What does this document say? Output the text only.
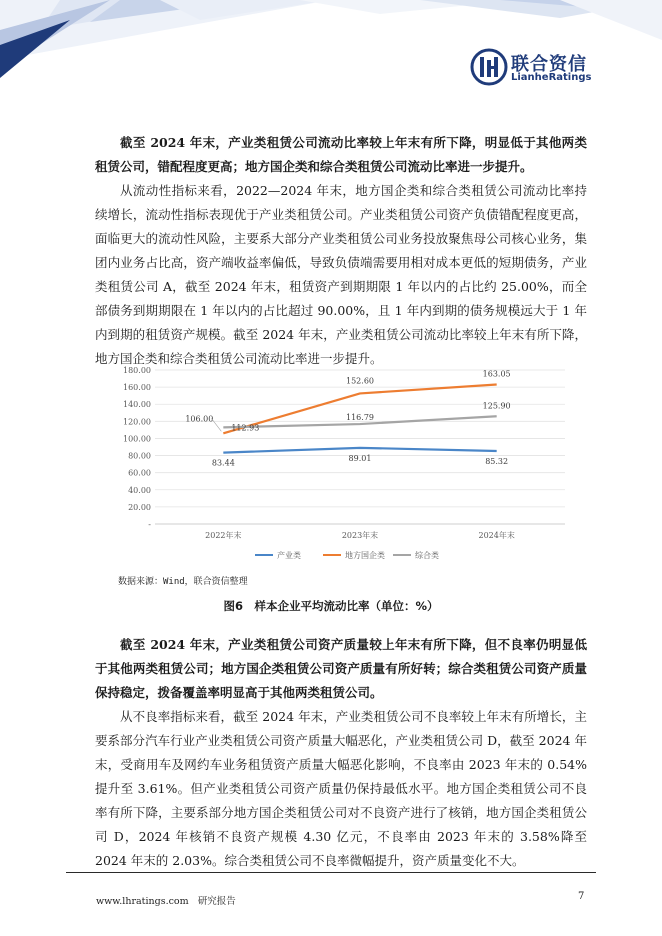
联合资信
LianheRatings

截至 2024 年末，产业类租赁公司流动比率较上年末有所下降，明显低于其他两类租赁公司，错配程度更高；地方国企类和综合类租赁公司流动比率进一步提升。

从流动性指标来看，2022—2024 年末，地方国企类和综合类租赁公司流动比率持续增长，流动性指标表现优于产业类租赁公司。产业类租赁公司资产负债错配程度更高，面临更大的流动性风险，主要系大部分产业类租赁公司业务投放聚焦母公司核心业务，集团内业务占比高，资产端收益率偏低，导致负债端需要用相对成本更低的短期债务，产业类租赁公司 A，截至 2024 年末，租赁资产到期期限 1 年以内的占比约 25.00%，而全部债务到期期限在 1 年以内的占比超过 90.00%，且 1 年内到期的债务规模远大于 1 年内到期的租赁资产规模。截至 2024 年末，产业类租赁公司流动比率较上年末有所下降，地方国企类和综合类租赁公司流动比率进一步提升。

-
20.00
40.00
60.00
80.00
100.00
120.00
140.00
160.00
180.00
2022年末	2023年末	2024年末
83.44
89.01	85.32
106.00
152.60
163.05
112.93
116.79
125.90
产业类	地方国企类	综合类
数据来源：Wind，联合资信整理
图6　样本企业平均流动比率（单位：%）

截至 2024 年末，产业类租赁公司资产质量较上年末有所下降，但不良率仍明显低于其他两类租赁公司；地方国企类租赁公司资产质量有所好转；综合类租赁公司资产质量保持稳定，拨备覆盖率明显高于其他两类租赁公司。

从不良率指标来看，截至 2024 年末，产业类租赁公司不良率较上年末有所增长，主要系部分汽车行业产业类租赁公司资产质量大幅恶化，产业类租赁公司 D，截至 2024 年末，受商用车及网约车业务租赁资产质量大幅恶化影响，不良率由 2023 年末的 0.54%提升至 3.61%。但产业类租赁公司资产质量仍保持最低水平。地方国企类租赁公司不良率有所下降，主要系部分地方国企类租赁公司对不良资产进行了核销，地方国企类租赁公司 D，2024 年核销不良资产规模 4.30 亿元，不良率由 2023 年末的 3.58%降至 2024 年末的 2.03%。综合类租赁公司不良率微幅提升，资产质量变化不大。

www.lhratings.com 研究报告	7
